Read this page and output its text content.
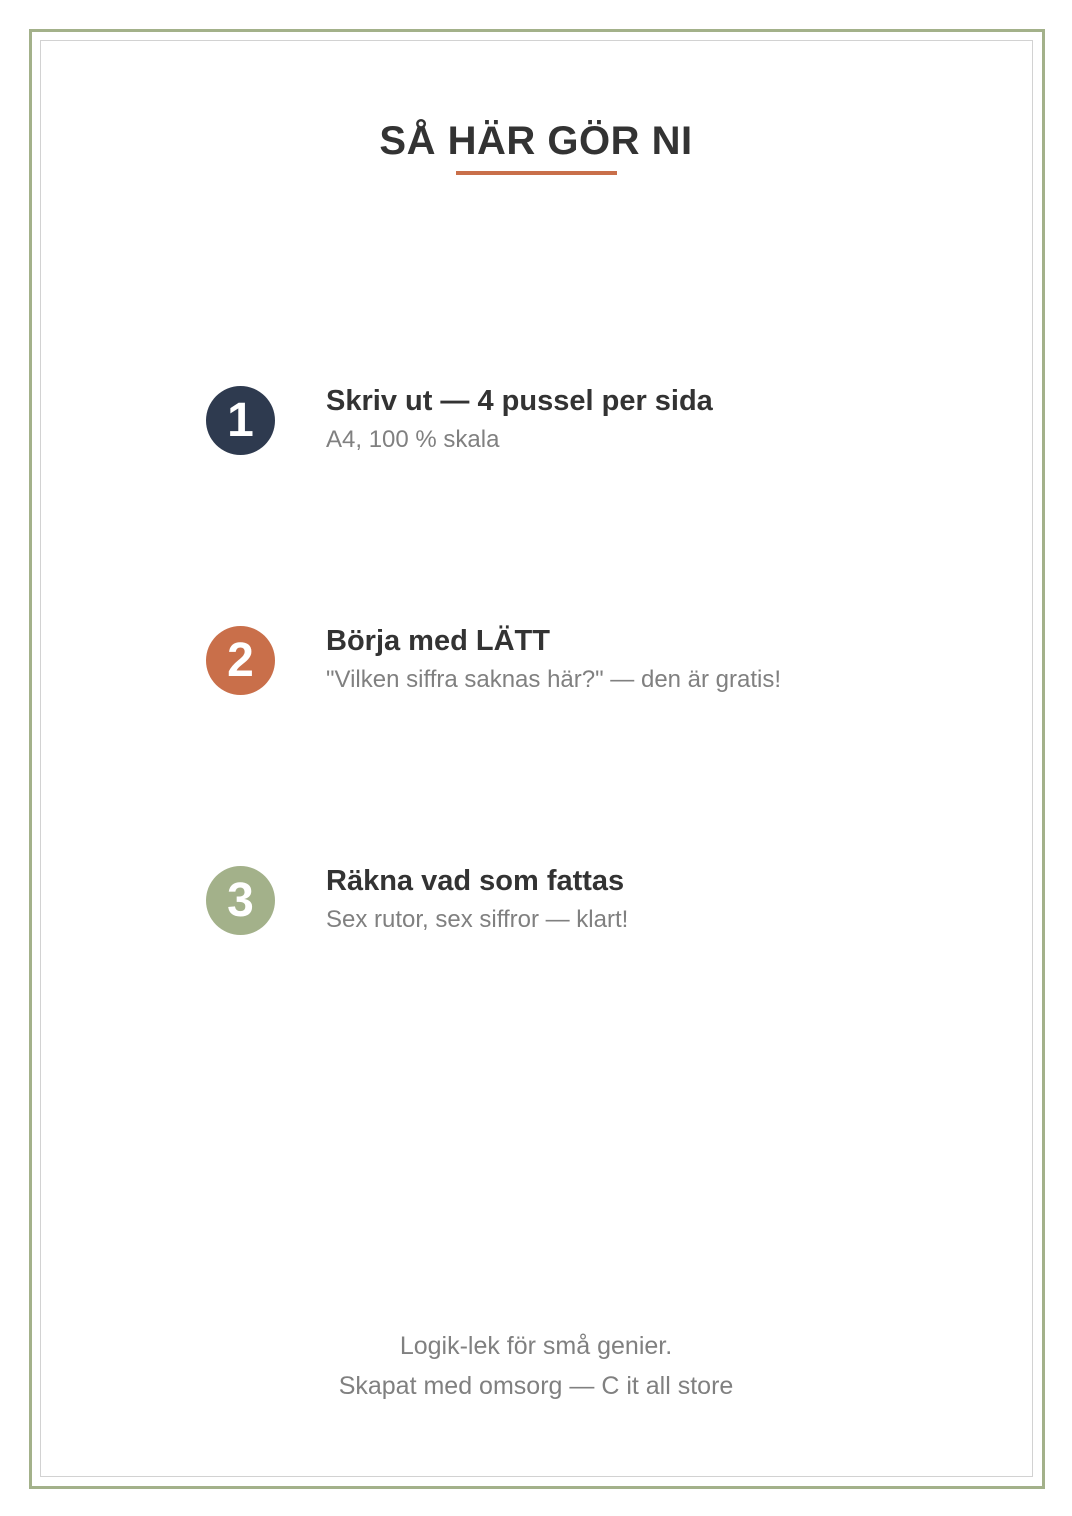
SÅ HÄR GÖR NI
1	Skriv ut — 4 pussel per sida
A4, 100 % skala
2	Börja med LÄTT
"Vilken siffra saknas här?" — den är gratis!
3	Räkna vad som fattas
Sex rutor, sex siffror — klart!
Logik-lek för små genier.
Skapat med omsorg — C it all store
